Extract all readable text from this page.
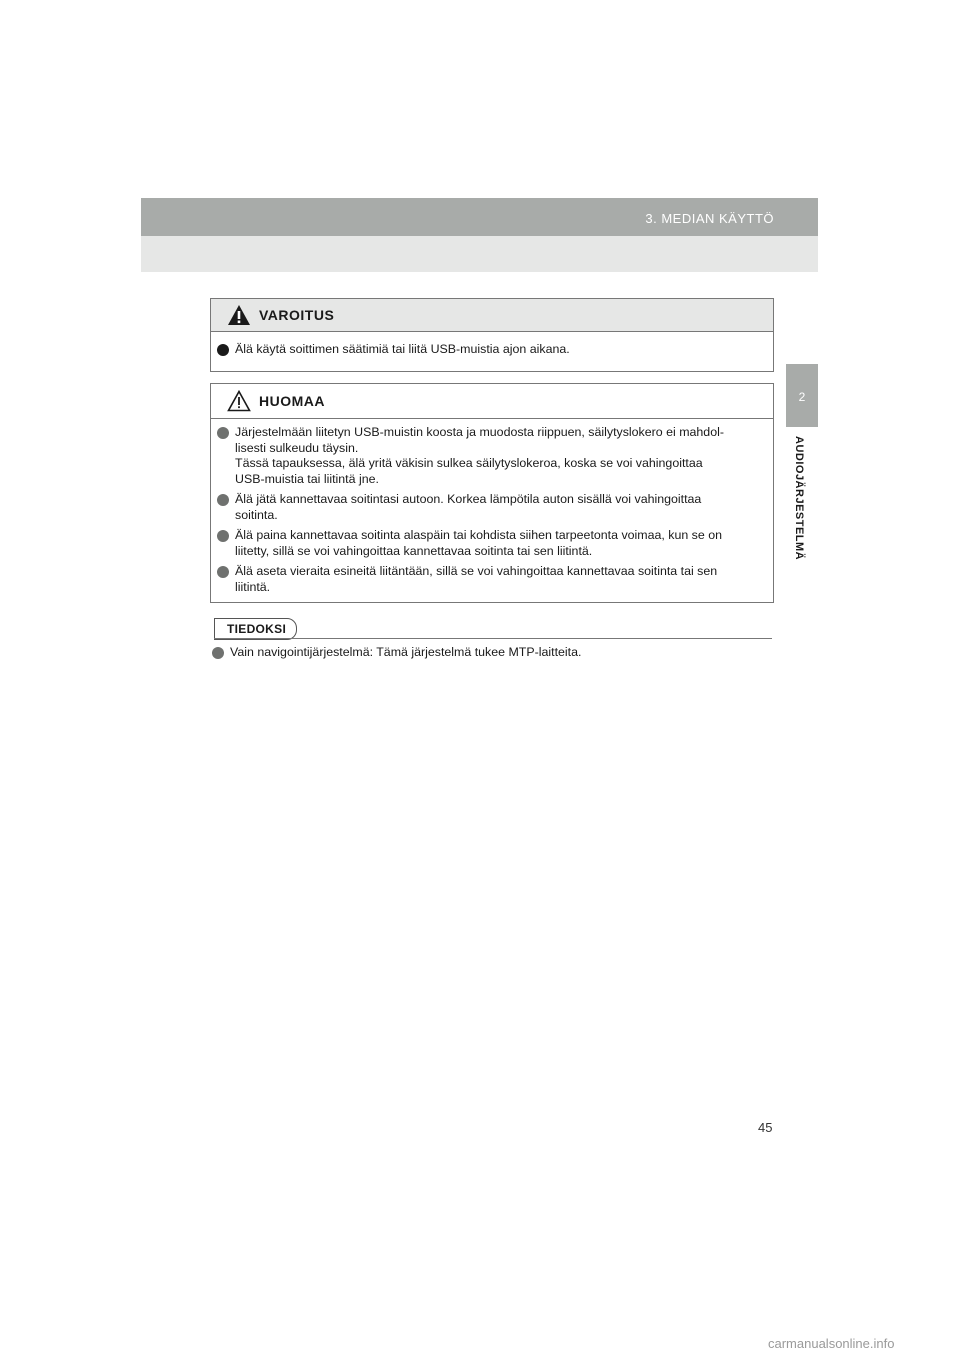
3. MEDIAN KÄYTTÖ
2
AUDIOJÄRJESTELMÄ
VAROITUS
Älä käytä soittimen säätimiä tai liitä USB-muistia ajon aikana.
HUOMAA
Järjestelmään liitetyn USB-muistin koosta ja muodosta riippuen, säilytyslokero ei mahdol-
lisesti sulkeudu täysin.
Tässä tapauksessa, älä yritä väkisin sulkea säilytyslokeroa, koska se voi vahingoittaa
USB-muistia tai liitintä jne.
Älä jätä kannettavaa soitintasi autoon. Korkea lämpötila auton sisällä voi vahingoittaa
soitinta.
Älä paina kannettavaa soitinta alaspäin tai kohdista siihen tarpeetonta voimaa, kun se on
liitetty, sillä se voi vahingoittaa kannettavaa soitinta tai sen liitintä.
Älä aseta vieraita esineitä liitäntään, sillä se voi vahingoittaa kannettavaa soitinta tai sen
liitintä.
TIEDOKSI
Vain navigointijärjestelmä: Tämä järjestelmä tukee MTP-laitteita.
45
carmanualsonline.info
